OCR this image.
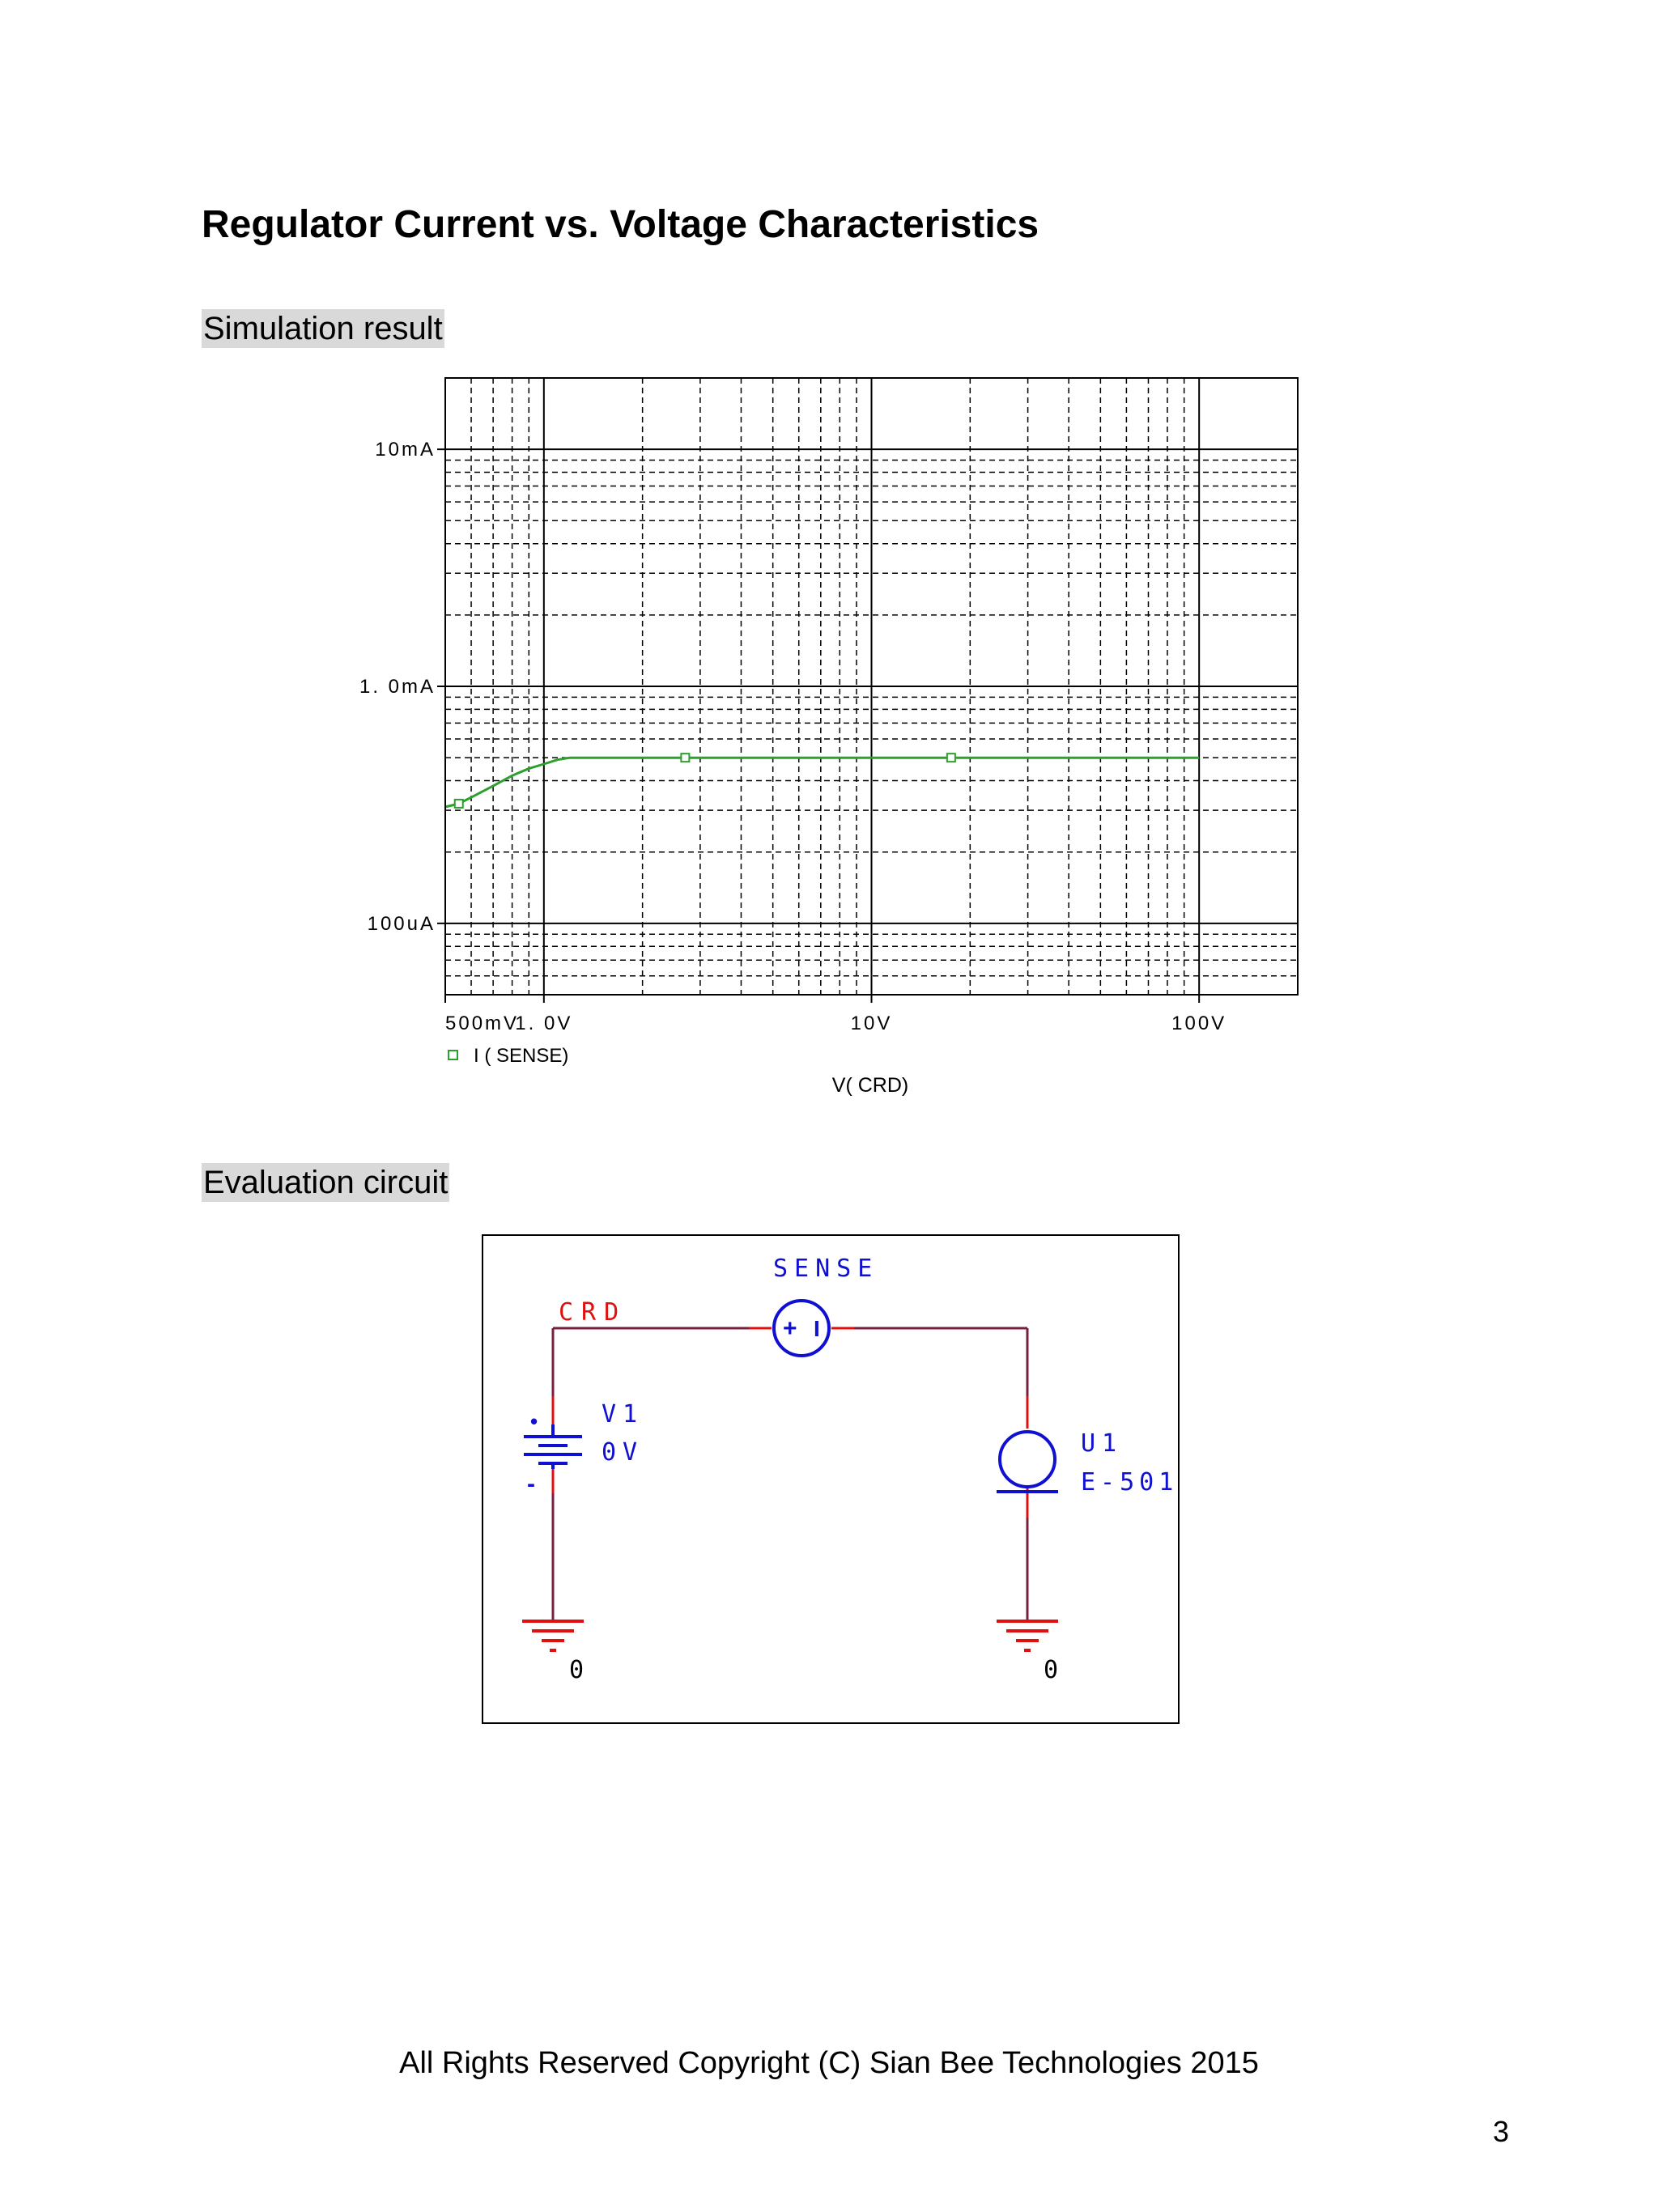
Regulator Current vs. Voltage Characteristics
Simulation result
10mA
1. 0mA
100uA
500mV
1. 0V	10V	100V
I ( SENSE)
V( CRD)
Evaluation circuit
•
-
V1
0V
+ I
SENSE
CRD
U1
E-501
0	0
All Rights Reserved Copyright (C) Sian Bee Technologies 2015
3
